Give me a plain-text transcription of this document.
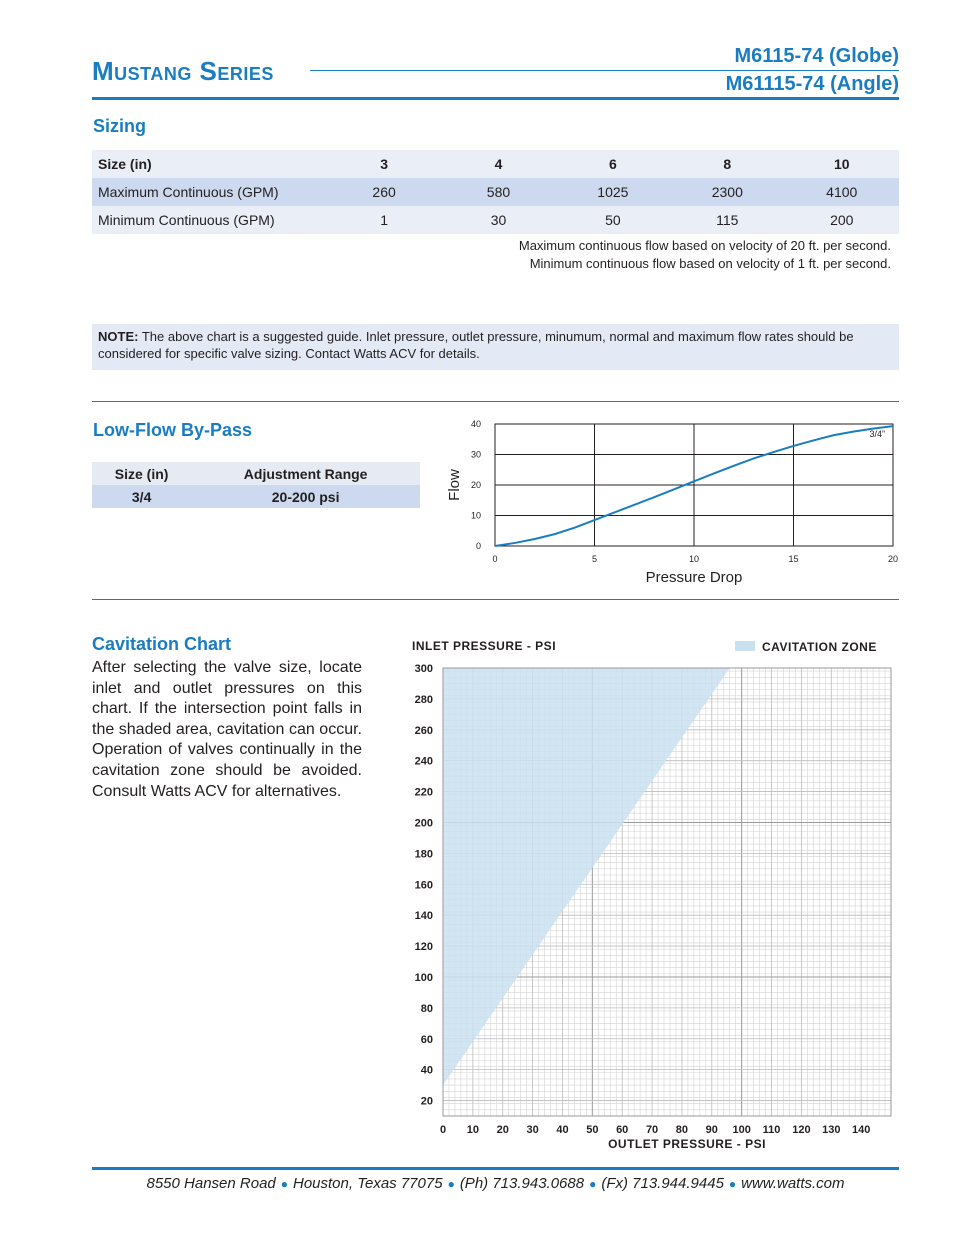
Mustang Series	M6115-74 (Globe)
M61115-74 (Angle)
Sizing
Size (in)	3	4	6	8	10
Maximum Continuous (GPM)	260	580	1025	2300	4100
Minimum Continuous (GPM)	1	30	50	115	200
Maximum continuous flow based on velocity of 20 ft. per second.
Minimum continuous flow based on velocity of 1 ft. per second.
NOTE: The above chart is a suggested guide. Inlet pressure, outlet pressure, minumum, normal and maximum flow rates should be considered for specific valve sizing. Contact Watts ACV for details.
Low-Flow By-Pass
Size (in)	Adjustment Range
3/4	20-200 psi
0	5	10	15	20
0
10
20
30
40
3/4”
Pressure Drop
Flow
Cavitation Chart
After selecting the valve size, locate inlet and outlet pressures on this chart. If the intersection point falls in the shaded area, cavitation can occur. Operation of valves continually in the cavitation zone should be avoided. Consult Watts ACV for alternatives.
20
40
60
80
100
120
140
160
180
200
220
240
260
280
300
0 10 20 30 40 50 60 70 80 90 100 110 120 130 140
INLET PRESSURE - PSI
OUTLET PRESSURE - PSI
CAVITATION ZONE
8550 Hansen Road ● Houston, Texas 77075 ● (Ph) 713.943.0688 ● (Fx) 713.944.9445 ● www.watts.com
